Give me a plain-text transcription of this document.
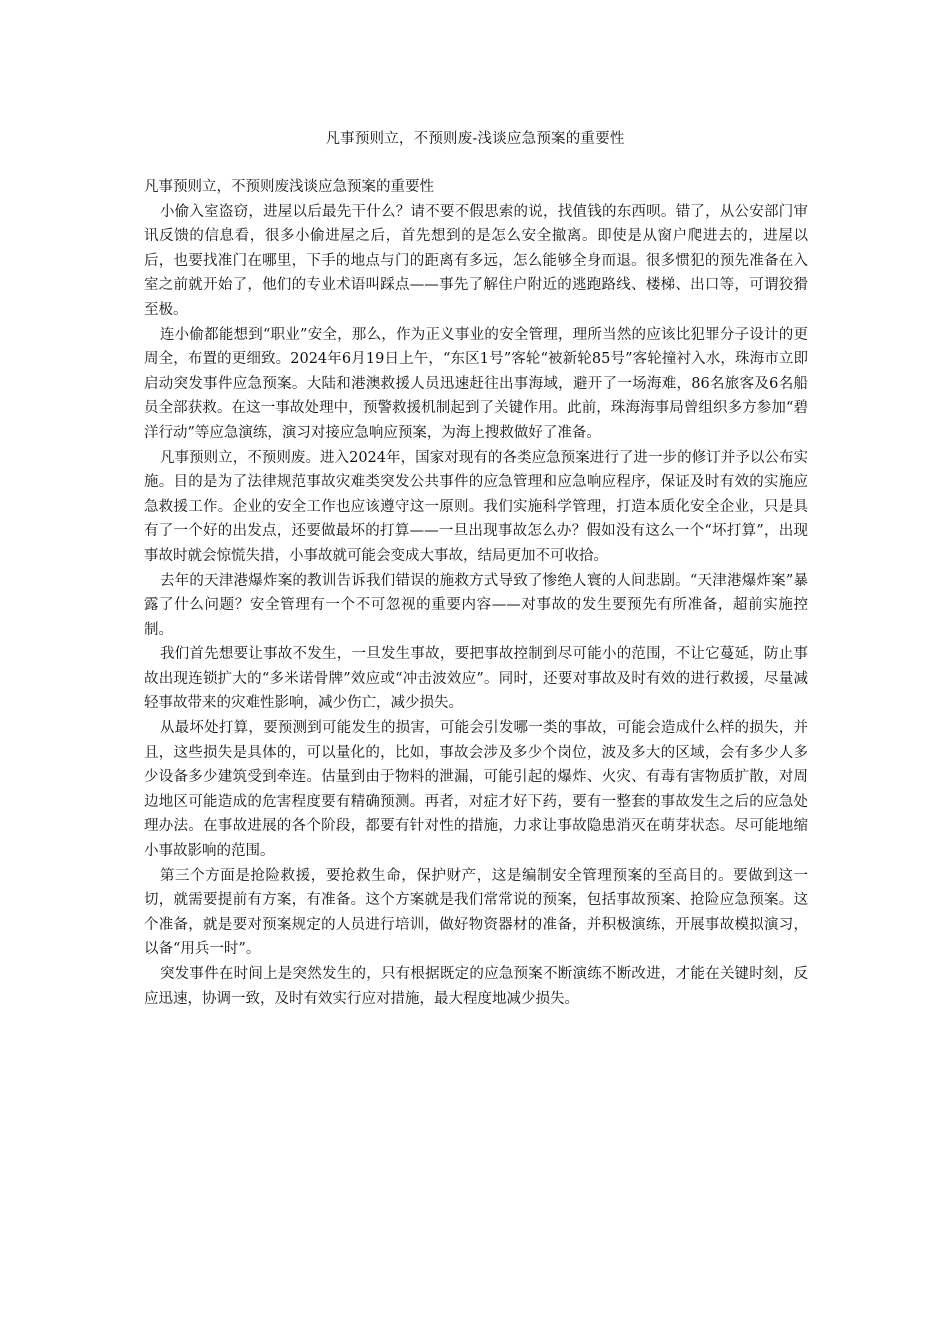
凡事预则立，不预则废-浅谈应急预案的重要性

凡事预则立，不预则废浅谈应急预案的重要性

小偷入室盗窃，进屋以后最先干什么？请不要不假思索的说，找值钱的东西呗。错了，从公安部门审讯反馈的信息看，很多小偷进屋之后，首先想到的是怎么安全撤离。即使是从窗户爬进去的，进屋以后，也要找准门在哪里，下手的地点与门的距离有多远，怎么能够全身而退。很多惯犯的预先准备在入室之前就开始了，他们的专业术语叫踩点——事先了解住户附近的逃跑路线、楼梯、出口等，可谓狡猾至极。

连小偷都能想到“职业”安全，那么，作为正义事业的安全管理，理所当然的应该比犯罪分子设计的更周全，布置的更细致。2024年6月19日上午，“东区1号”客轮“被新轮85号”客轮撞衬入水，珠海市立即启动突发事件应急预案。大陆和港澳救援人员迅速赶往出事海域，避开了一场海难，86名旅客及6名船员全部获救。在这一事故处理中，预警救援机制起到了关键作用。此前，珠海海事局曾组织多方参加“碧洋行动”等应急演练，演习对接应急响应预案，为海上搜救做好了准备。

凡事预则立，不预则废。进入2024年，国家对现有的各类应急预案进行了进一步的修订并予以公布实施。目的是为了法律规范事故灾难类突发公共事件的应急管理和应急响应程序，保证及时有效的实施应急救援工作。企业的安全工作也应该遵守这一原则。我们实施科学管理，打造本质化安全企业，只是具有了一个好的出发点，还要做最坏的打算——一旦出现事故怎么办？假如没有这么一个“坏打算”，出现事故时就会惊慌失措，小事故就可能会变成大事故，结局更加不可收拾。

去年的天津港爆炸案的教训告诉我们错误的施救方式导致了惨绝人寰的人间悲剧。“天津港爆炸案”暴露了什么问题？安全管理有一个不可忽视的重要内容——对事故的发生要预先有所准备，超前实施控制。

我们首先想要让事故不发生，一旦发生事故，要把事故控制到尽可能小的范围，不让它蔓延，防止事故出现连锁扩大的“多米诺骨牌”效应或“冲击波效应”。同时，还要对事故及时有效的进行救援，尽量减轻事故带来的灾难性影响，减少伤亡，减少损失。

从最坏处打算，要预测到可能发生的损害，可能会引发哪一类的事故，可能会造成什么样的损失，并且，这些损失是具体的，可以量化的，比如，事故会涉及多少个岗位，波及多大的区域，会有多少人多少设备多少建筑受到牵连。估量到由于物料的泄漏，可能引起的爆炸、火灾、有毒有害物质扩散，对周边地区可能造成的危害程度要有精确预测。再者，对症才好下药，要有一整套的事故发生之后的应急处理办法。在事故进展的各个阶段，都要有针对性的措施，力求让事故隐患消灭在萌芽状态。尽可能地缩小事故影响的范围。

第三个方面是抢险救援，要抢救生命，保护财产，这是编制安全管理预案的至高目的。要做到这一切，就需要提前有方案，有准备。这个方案就是我们常常说的预案，包括事故预案、抢险应急预案。这个准备，就是要对预案规定的人员进行培训，做好物资器材的准备，并积极演练，开展事故模拟演习，以备“用兵一时”。

突发事件在时间上是突然发生的，只有根据既定的应急预案不断演练不断改进，才能在关键时刻，反应迅速，协调一致，及时有效实行应对措施，最大程度地减少损失。
